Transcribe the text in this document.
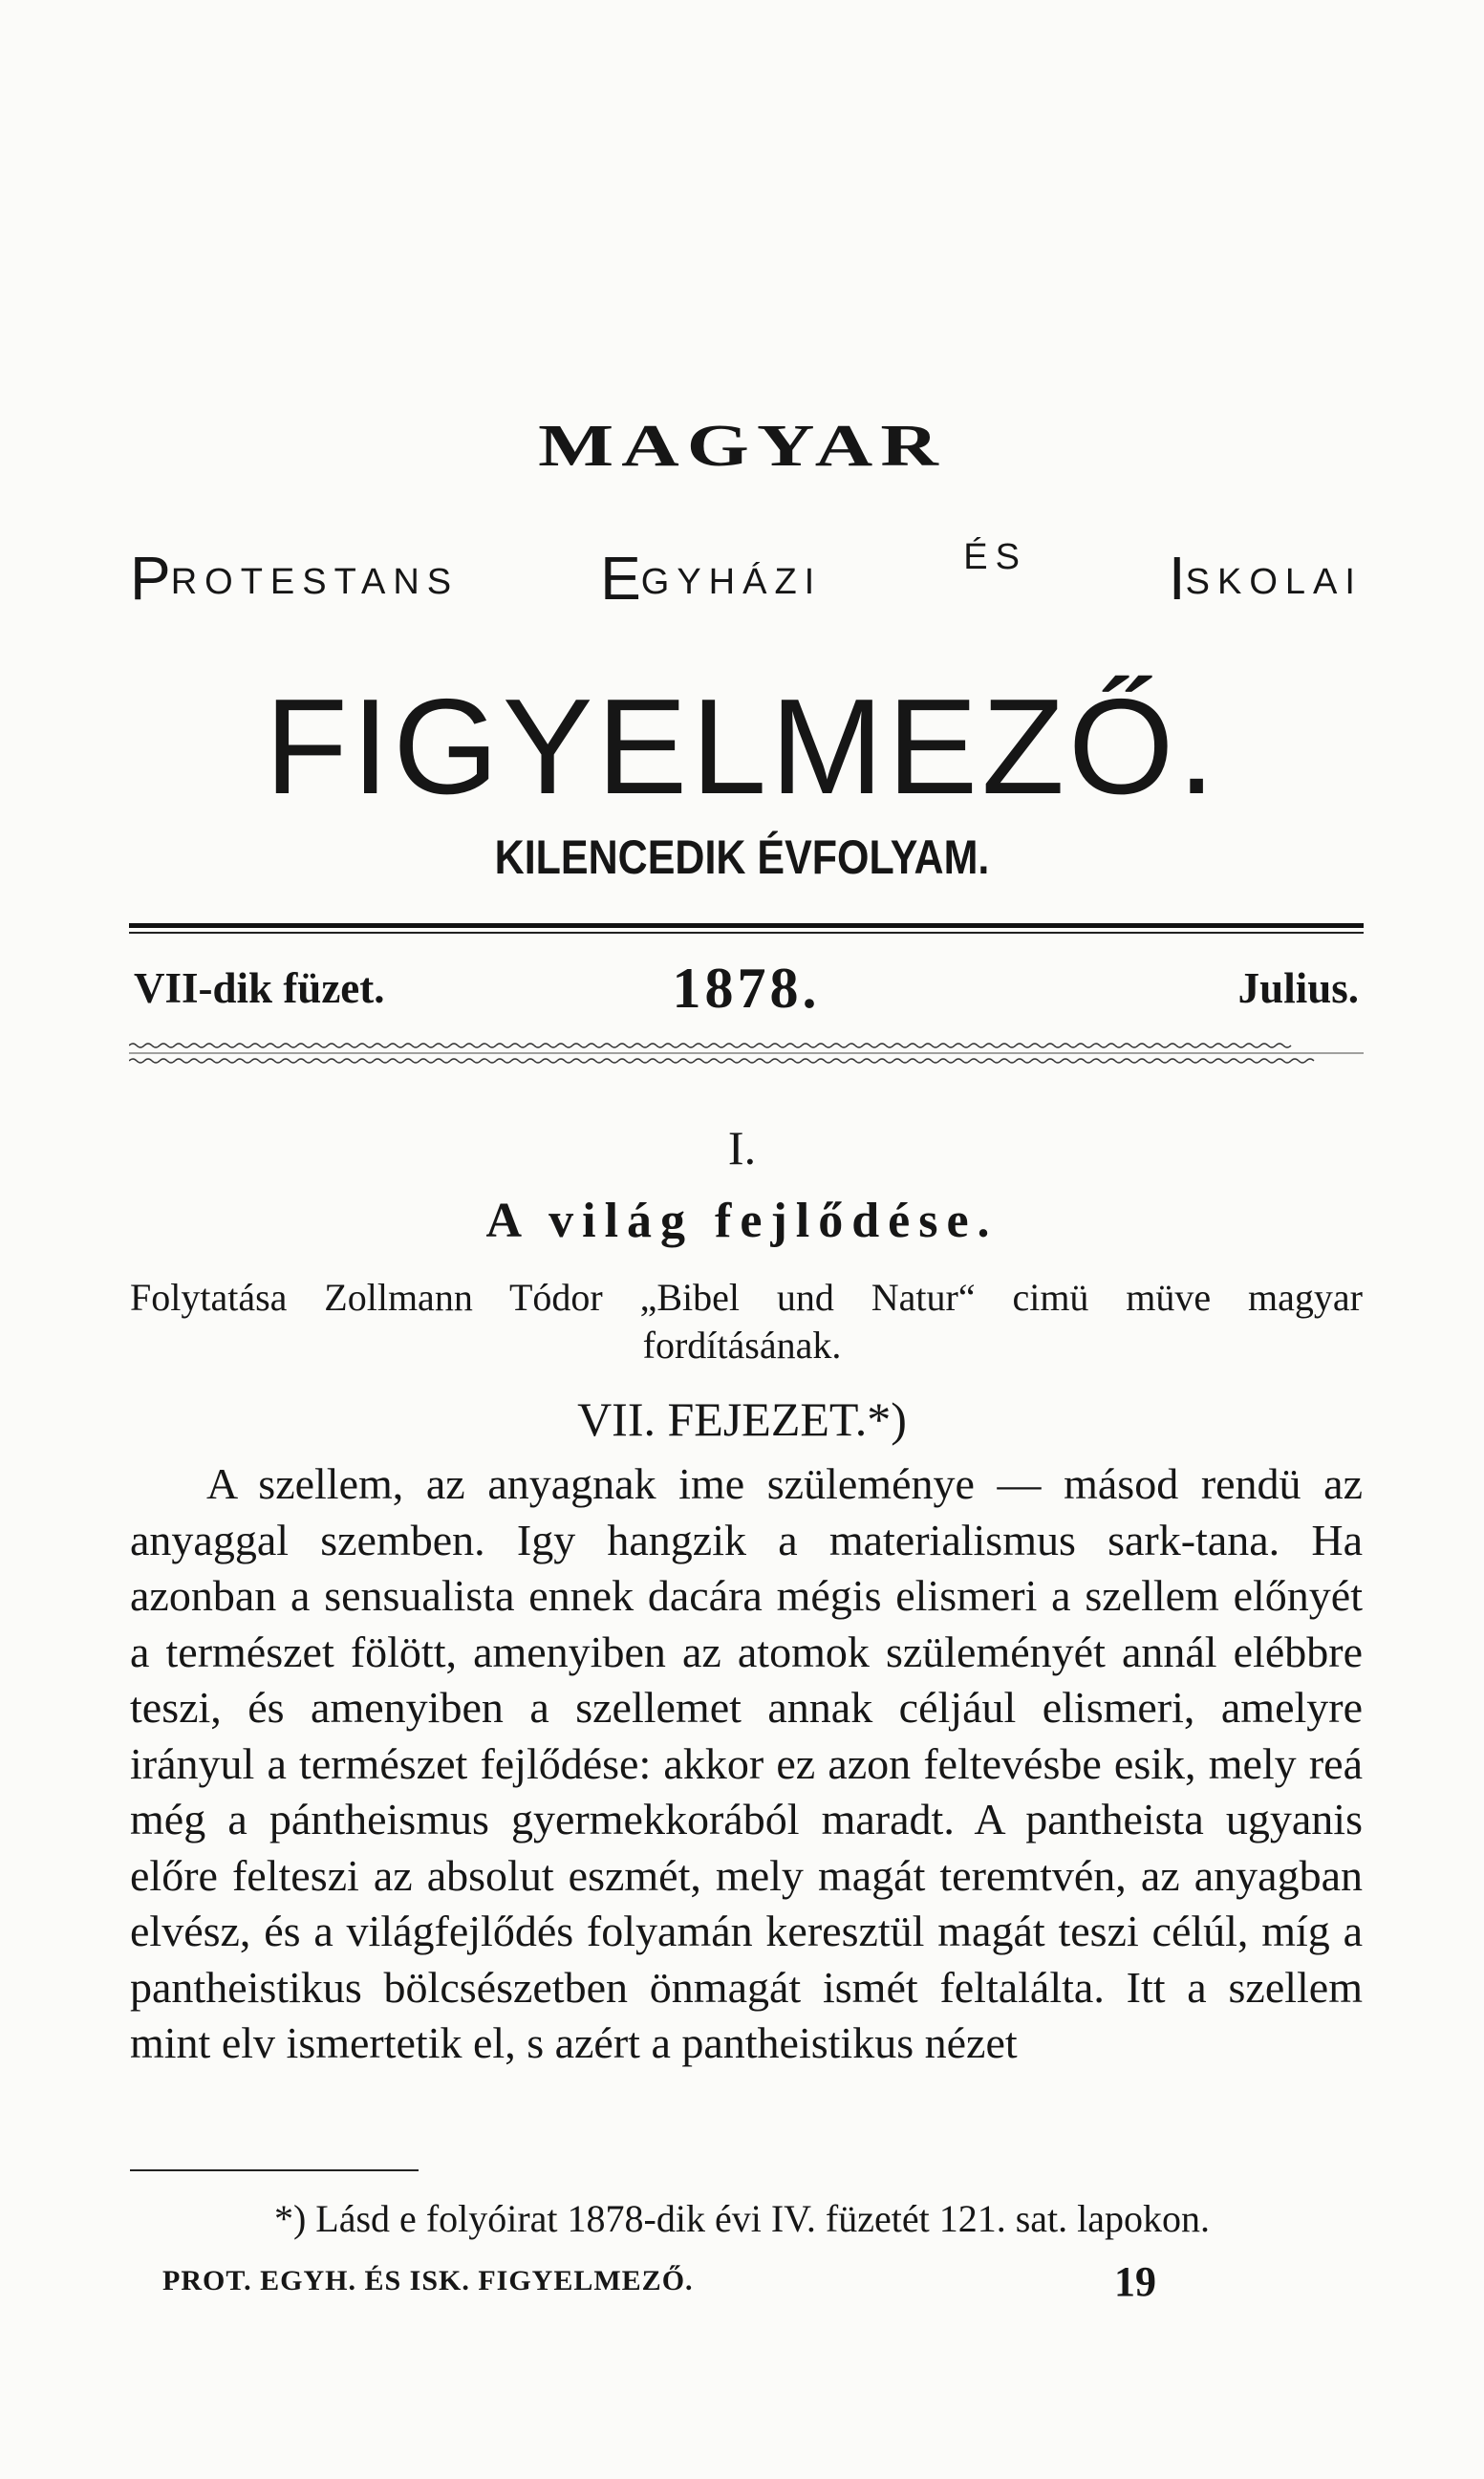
MAGYAR
PROTESTANS EGYHÁZI
ÉS ISKOLAI
FIGYELMEZŐ.
KILENCEDIK ÉVFOLYAM.
VII-dik füzet.	1878.	Julius.
I.
A világ fejlődése.
Folytatása Zollmann Tódor „Bibel und Natur“ cimü müve magyar
fordításának.
VII. FEJEZET.*)
A szellem, az anyagnak ime szüleménye — másod rendü az anyaggal szemben. Igy hangzik a materialismus sark-tana. Ha azonban a sensualista ennek dacára mégis elismeri a szellem előnyét a természet fölött, amenyiben az atomok szüleményét annál elébbre teszi, és amenyiben a szellemet annak céljául elismeri, amelyre irányul a természet fejlődése: akkor ez azon feltevésbe esik, mely reá még a pántheismus gyermekkorából maradt. A pantheista ugyanis előre felteszi az absolut eszmét, mely magát teremtvén, az anyagban elvész, és a világfejlődés folyamán keresztül magát teszi célúl, míg a pantheistikus bölcsészetben önmagát ismét feltalálta. Itt a szellem mint elv ismertetik el, s azért a pantheistikus nézet
*) Lásd e folyóirat 1878-dik évi IV. füzetét 121. sat. lapokon.
PROT. EGYH. ÉS ISK. FIGYELMEZŐ.	19
